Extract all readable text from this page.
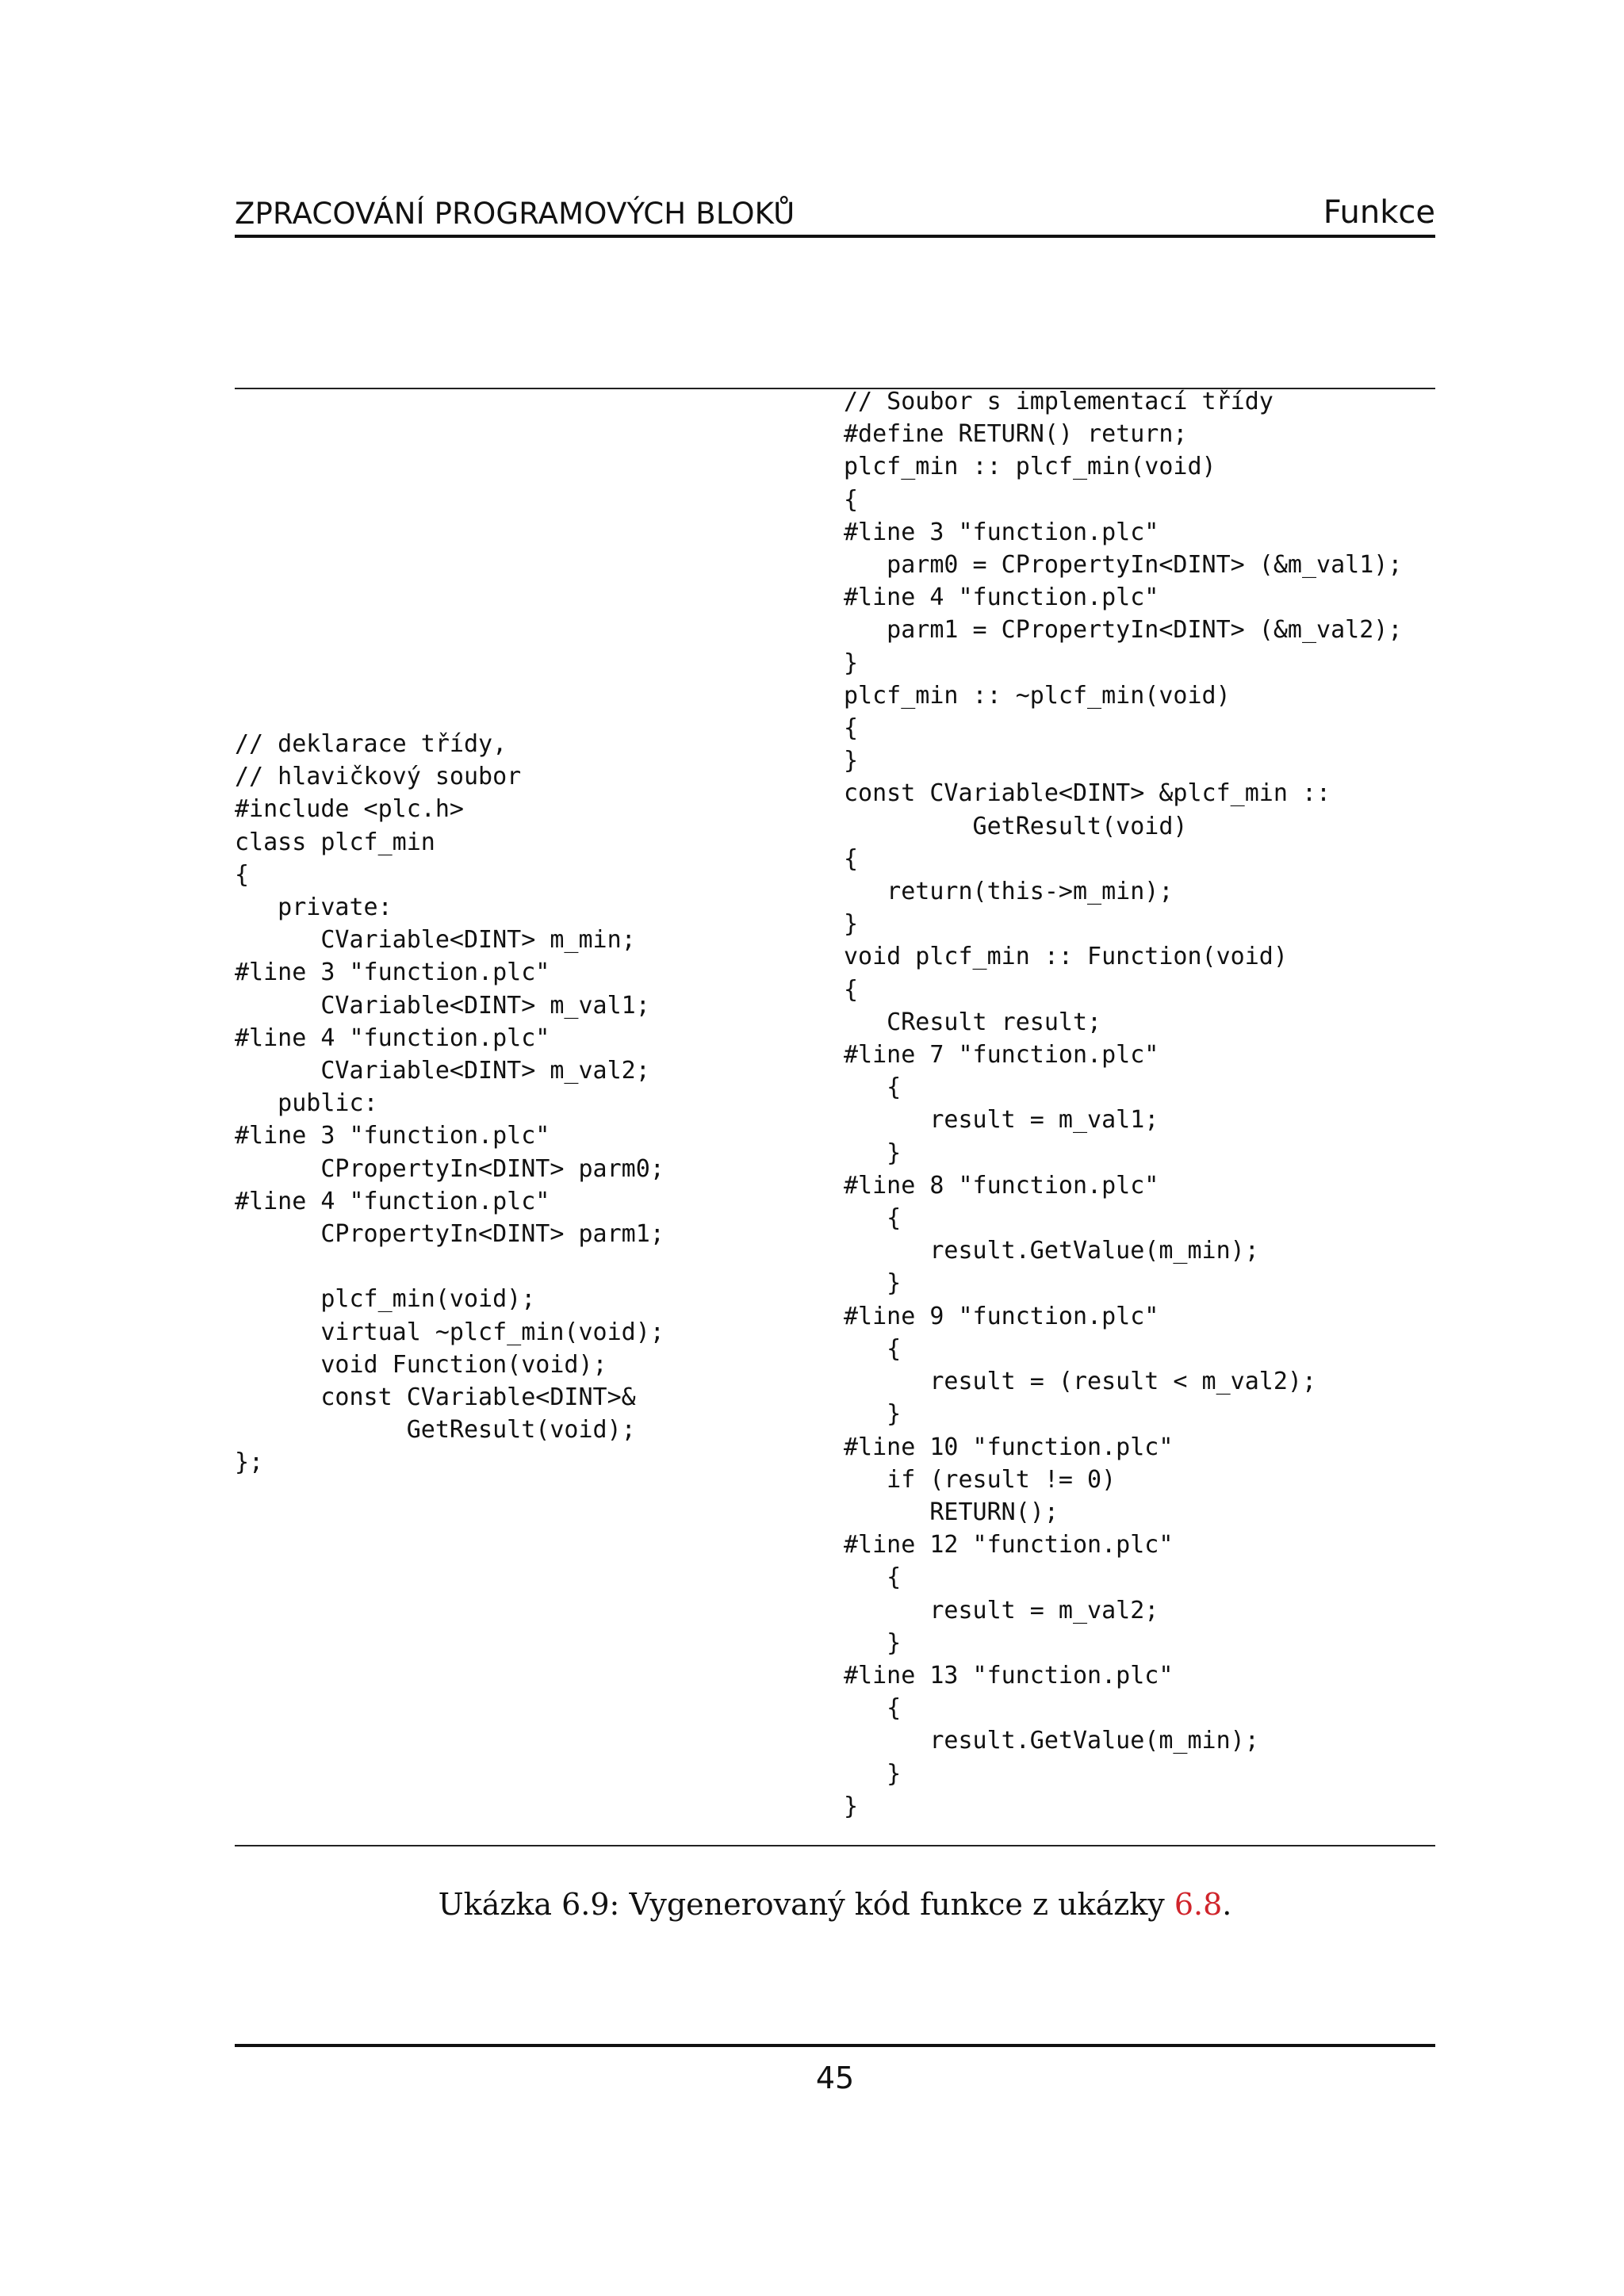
ZPRACOVÁNÍ PROGRAMOVÝCH BLOKŮ	Funkce
// deklarace třídy,
// hlavičkový soubor
#include <plc.h>
class plcf_min
{
private:
CVariable<DINT> m_min;
#line 3 "function.plc"
CVariable<DINT> m_val1;
#line 4 "function.plc"
CVariable<DINT> m_val2;
public:
#line 3 "function.plc"
CPropertyIn<DINT> parm0;
#line 4 "function.plc"
CPropertyIn<DINT> parm1;

plcf_min(void);
virtual ~plcf_min(void);
void Function(void);
const CVariable<DINT>&
GetResult(void);
};
// Soubor s implementací třídy
#define RETURN() return;
plcf_min :: plcf_min(void)
{
#line 3 "function.plc"
parm0 = CPropertyIn<DINT> (&m_val1);
#line 4 "function.plc"
parm1 = CPropertyIn<DINT> (&m_val2);
}
plcf_min :: ~plcf_min(void)
{
}
const CVariable<DINT> &plcf_min ::
GetResult(void)
{
return(this->m_min);
}
void plcf_min :: Function(void)
{
CResult result;
#line 7 "function.plc"
{
result = m_val1;
}
#line 8 "function.plc"
{
result.GetValue(m_min);
}
#line 9 "function.plc"
{
result = (result < m_val2);
}
#line 10 "function.plc"
if (result != 0)
RETURN();
#line 12 "function.plc"
{
result = m_val2;
}
#line 13 "function.plc"
{
result.GetValue(m_min);
}
}
Ukázka 6.9: Vygenerovaný kód funkce z ukázky 6.8.
45
